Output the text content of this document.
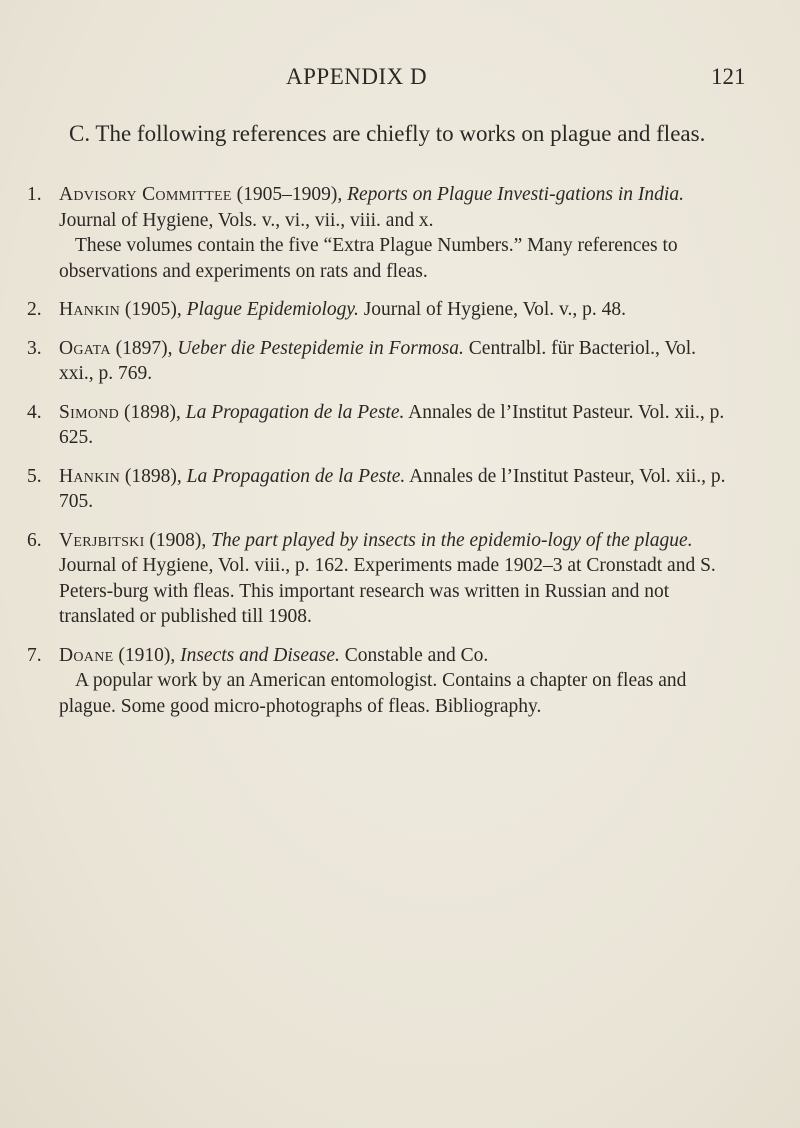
APPENDIX D	121
C. The following references are chiefly to works on plague and fleas.
1. Advisory Committee (1905–1909), Reports on Plague Investi-gations in India. Journal of Hygiene, Vols. v., vi., vii., viii. and x.
These volumes contain the five “Extra Plague Numbers.” Many references to observations and experiments on rats and fleas.
2. Hankin (1905), Plague Epidemiology. Journal of Hygiene, Vol. v., p. 48.
3. Ogata (1897), Ueber die Pestepidemie in Formosa. Centralbl. für Bacteriol., Vol. xxi., p. 769.
4. Simond (1898), La Propagation de la Peste. Annales de l’Institut Pasteur. Vol. xii., p. 625.
5. Hankin (1898), La Propagation de la Peste. Annales de l’Institut Pasteur, Vol. xii., p. 705.
6. Verjbitski (1908), The part played by insects in the epidemio-logy of the plague. Journal of Hygiene, Vol. viii., p. 162. Experiments made 1902–3 at Cronstadt and S. Peters-burg with fleas. This important research was written in Russian and not translated or published till 1908.
7. Doane (1910), Insects and Disease. Constable and Co.
A popular work by an American entomologist. Contains a chapter on fleas and plague. Some good micro-photographs of fleas. Bibliography.
